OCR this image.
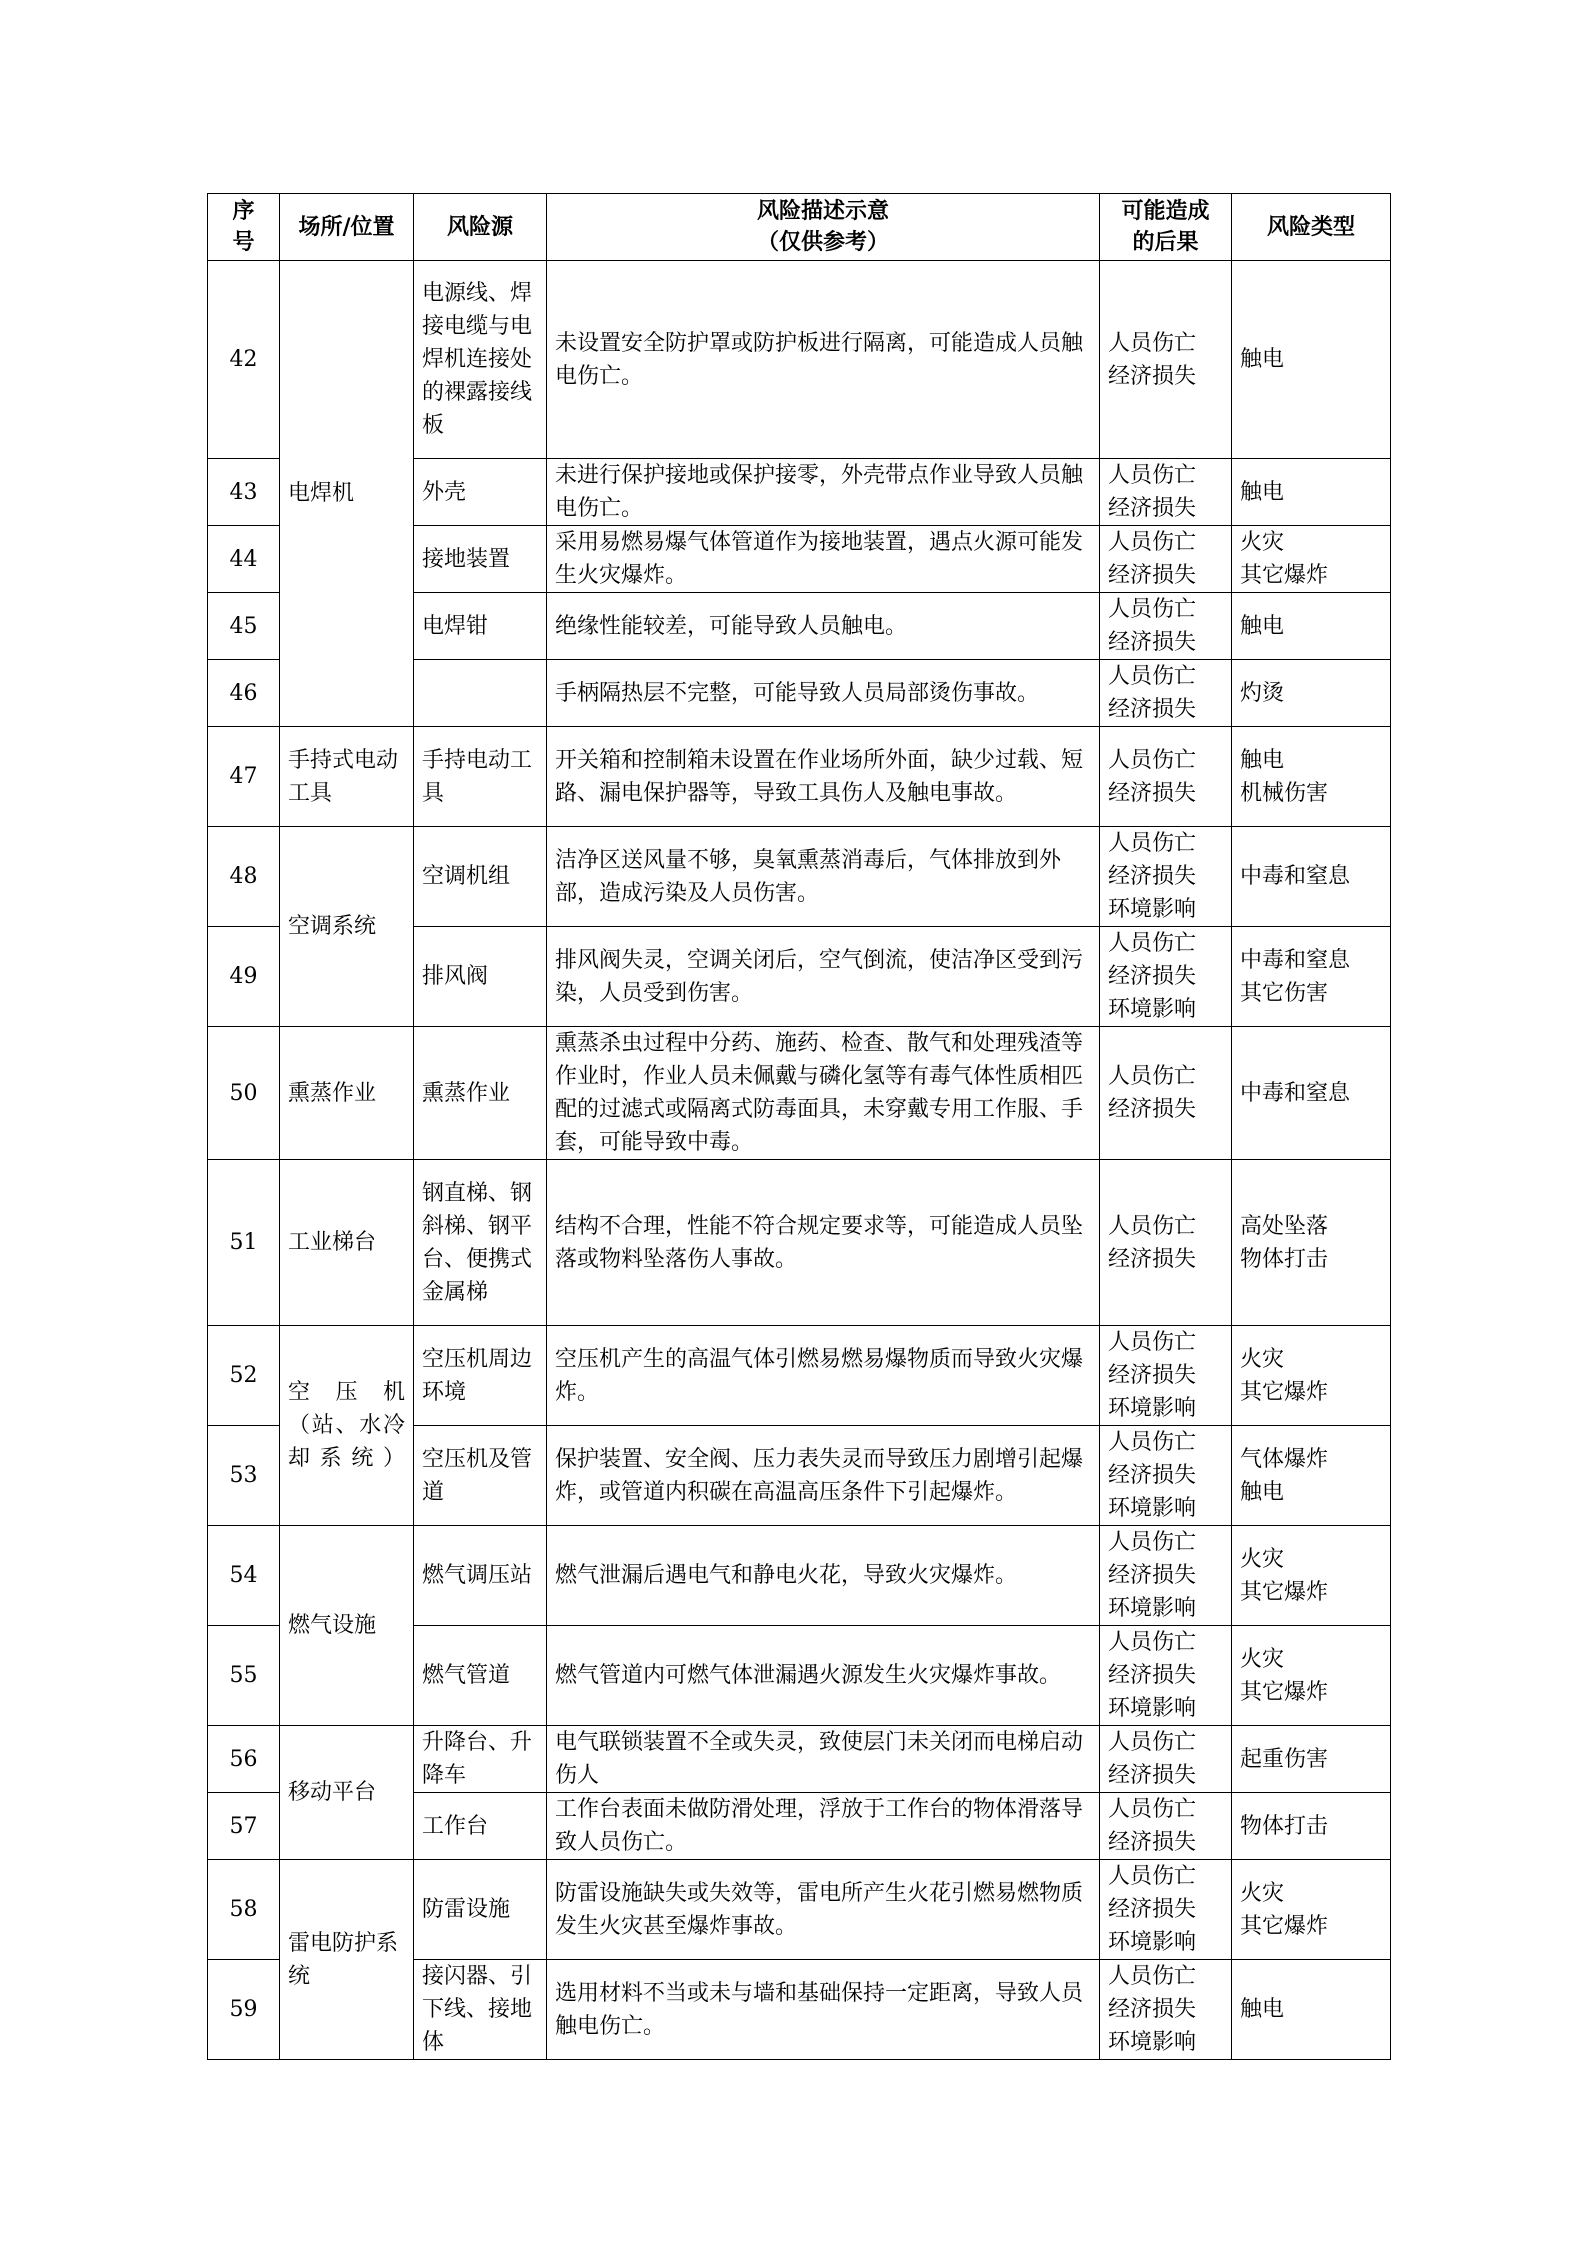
序
号	场所/位置	风险源	风险描述示意
（仅供参考）	可能造成
的后果	风险类型
42	电焊机	电源线、焊接电缆与电焊机连接处的裸露接线板	未设置安全防护罩或防护板进行隔离，可能造成人员触电伤亡。	人员伤亡
经济损失	触电
43		外壳	未进行保护接地或保护接零，外壳带点作业导致人员触电伤亡。	人员伤亡
经济损失	触电
44		接地装置	采用易燃易爆气体管道作为接地装置，遇点火源可能发生火灾爆炸。	人员伤亡
经济损失	火灾
其它爆炸
45		电焊钳	绝缘性能较差，可能导致人员触电。	人员伤亡
经济损失	触电
46			手柄隔热层不完整，可能导致人员局部烫伤事故。	人员伤亡
经济损失	灼烫
47	手持式电动工具	手持电动工具	开关箱和控制箱未设置在作业场所外面，缺少过载、短路、漏电保护器等，导致工具伤人及触电事故。	人员伤亡
经济损失	触电
机械伤害
48	空调系统	空调机组	洁净区送风量不够，臭氧熏蒸消毒后，气体排放到外部，造成污染及人员伤害。	人员伤亡
经济损失
环境影响	中毒和窒息
49		排风阀	排风阀失灵，空调关闭后，空气倒流，使洁净区受到污染，人员受到伤害。	人员伤亡
经济损失
环境影响	中毒和窒息
其它伤害
50	熏蒸作业	熏蒸作业	熏蒸杀虫过程中分药、施药、检查、散气和处理残渣等作业时，作业人员未佩戴与磷化氢等有毒气体性质相匹配的过滤式或隔离式防毒面具，未穿戴专用工作服、手套，可能导致中毒。	人员伤亡
经济损失	中毒和窒息
51	工业梯台	钢直梯、钢斜梯、钢平台、便携式金属梯	结构不合理，性能不符合规定要求等，可能造成人员坠落或物料坠落伤人事故。	人员伤亡
经济损失	高处坠落
物体打击
52	空压机（站、水冷却系统）	空压机周边环境	空压机产生的高温气体引燃易燃易爆物质而导致火灾爆炸。	人员伤亡
经济损失
环境影响	火灾
其它爆炸
53		空压机及管道	保护装置、安全阀、压力表失灵而导致压力剧增引起爆炸，或管道内积碳在高温高压条件下引起爆炸。	人员伤亡
经济损失
环境影响	气体爆炸
触电
54	燃气设施	燃气调压站	燃气泄漏后遇电气和静电火花，导致火灾爆炸。	人员伤亡
经济损失
环境影响	火灾
其它爆炸
55		燃气管道	燃气管道内可燃气体泄漏遇火源发生火灾爆炸事故。	人员伤亡
经济损失
环境影响	火灾
其它爆炸
56	移动平台	升降台、升降车	电气联锁装置不全或失灵，致使层门未关闭而电梯启动伤人	人员伤亡
经济损失	起重伤害
57		工作台	工作台表面未做防滑处理，浮放于工作台的物体滑落导致人员伤亡。	人员伤亡
经济损失	物体打击
58	雷电防护系统	防雷设施	防雷设施缺失或失效等，雷电所产生火花引燃易燃物质发生火灾甚至爆炸事故。	人员伤亡
经济损失
环境影响	火灾
其它爆炸
59		接闪器、引下线、接地体	选用材料不当或未与墙和基础保持一定距离，导致人员触电伤亡。	人员伤亡
经济损失
环境影响	触电
